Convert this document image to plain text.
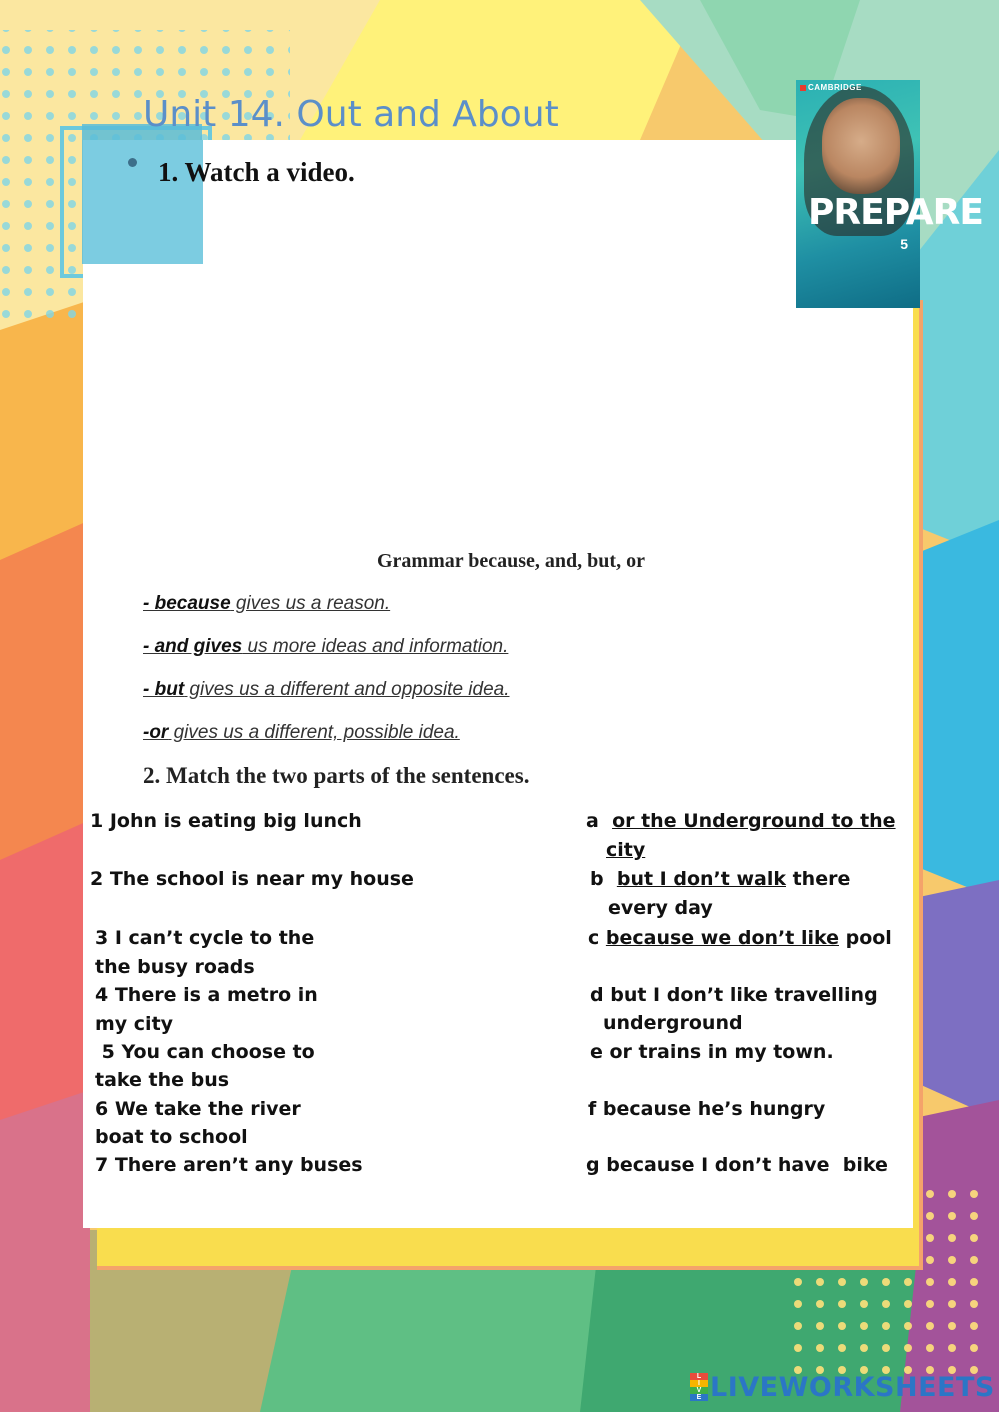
Unit 14. Out and About
1. Watch a video.
CAMBRIDGE
PREPARE
5
Grammar because, and, but, or
- because gives us a reason.
- and gives us more ideas and information.
- but gives us a different and opposite idea.
-or gives us a different, possible idea.
2. Match the two parts of the sentences.
1 John is eating big lunch
2 The school is near my house
3 I can’t cycle to the
the busy roads
4 There is a metro in
my city
5 You can choose to
take the bus
6 We take the river
boat to school
7 There aren’t any buses
a or the Underground to the
city
b but I don’t walk there
every day
c because we don’t like pool
d but I don’t like travelling
underground
e or trains in my town.
f because he’s hungry
g because I don’t have  bike
L
I
V
E LIVEWORKSHEETS
